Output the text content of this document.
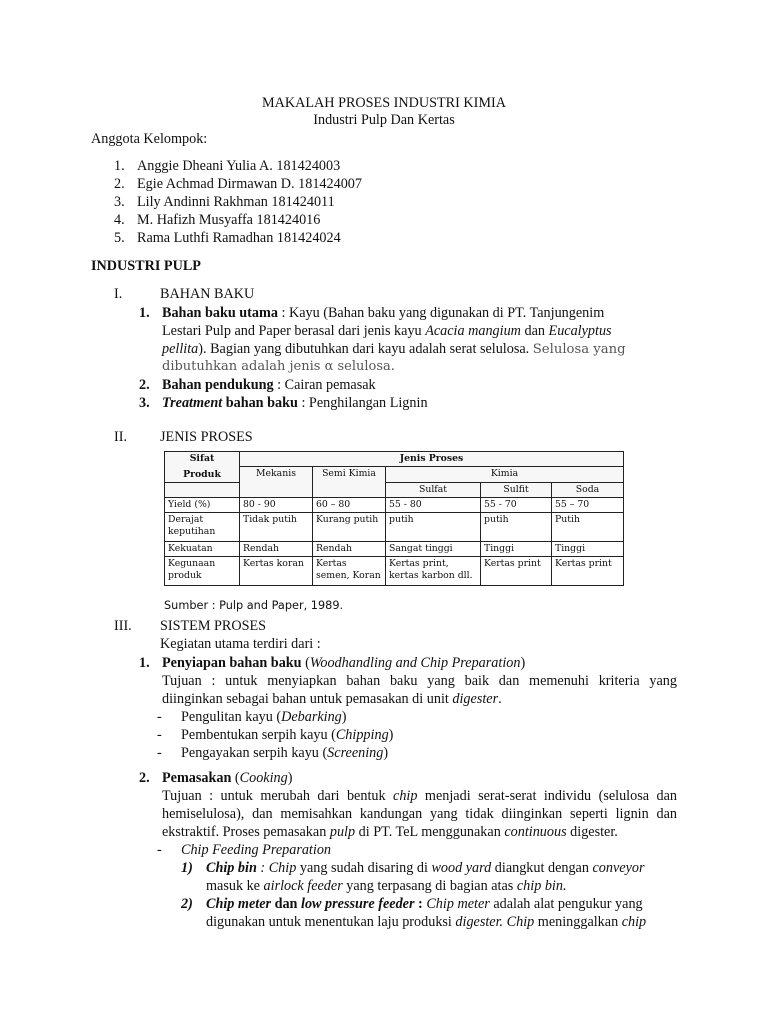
MAKALAH PROSES INDUSTRI KIMIA
Industri Pulp Dan Kertas
Anggota Kelompok:
1. Anggie Dheani Yulia A. 181424003
2. Egie Achmad Dirmawan D. 181424007
3. Lily Andinni Rakhman 181424011
4. M. Hafizh Musyaffa 181424016
5. Rama Luthfi Ramadhan 181424024
INDUSTRI PULP
I.	BAHAN BAKU
1. Bahan baku utama : Kayu (Bahan baku yang digunakan di PT. Tanjungenim
Lestari Pulp and Paper berasal dari jenis kayu Acacia mangium dan Eucalyptus
pellita). Bagian yang dibutuhkan dari kayu adalah serat selulosa. Selulosa yang
dibutuhkan adalah jenis α selulosa.
2. Bahan pendukung : Cairan pemasak
3. Treatment bahan baku : Penghilangan Lignin
II. JENIS PROSES
Sifat
Produk	Jenis Proses				
	Mekanis	Semi Kimia	Kimia		
			Sulfat	Sulfit	Soda
Yield (%)	80 - 90	60 – 80	55 - 80	55 - 70	55 – 70
Derajat keputihan	Tidak putih	Kurang putih	putih	putih	Putih
Kekuatan	Rendah	Rendah	Sangat tinggi	Tinggi	Tinggi
Kegunaan produk	Kertas koran	Kertas semen, Koran	Kertas print, kertas karbon dll.	Kertas print	Kertas print
Sumber : Pulp and Paper, 1989.
III. SISTEM PROSES
Kegiatan utama terdiri dari :
1. Penyiapan bahan baku (Woodhandling and Chip Preparation)
Tujuan : untuk menyiapkan bahan baku yang baik dan memenuhi kriteria yang
diinginkan sebagai bahan untuk pemasakan di unit digester.
- Pengulitan kayu (Debarking)
- Pembentukan serpih kayu (Chipping)
- Pengayakan serpih kayu (Screening)
2. Pemasakan (Cooking)
Tujuan : untuk merubah dari bentuk chip menjadi serat-serat individu (selulosa dan
hemiselulosa), dan memisahkan kandungan yang tidak diinginkan seperti lignin dan
ekstraktif. Proses pemasakan pulp di PT. TeL menggunakan continuous digester.
- Chip Feeding Preparation
1) Chip bin : Chip yang sudah disaring di wood yard diangkut dengan conveyor
masuk ke airlock feeder yang terpasang di bagian atas chip bin.
2) Chip meter dan low pressure feeder : Chip meter adalah alat pengukur yang
digunakan untuk menentukan laju produksi digester. Chip meninggalkan chip
